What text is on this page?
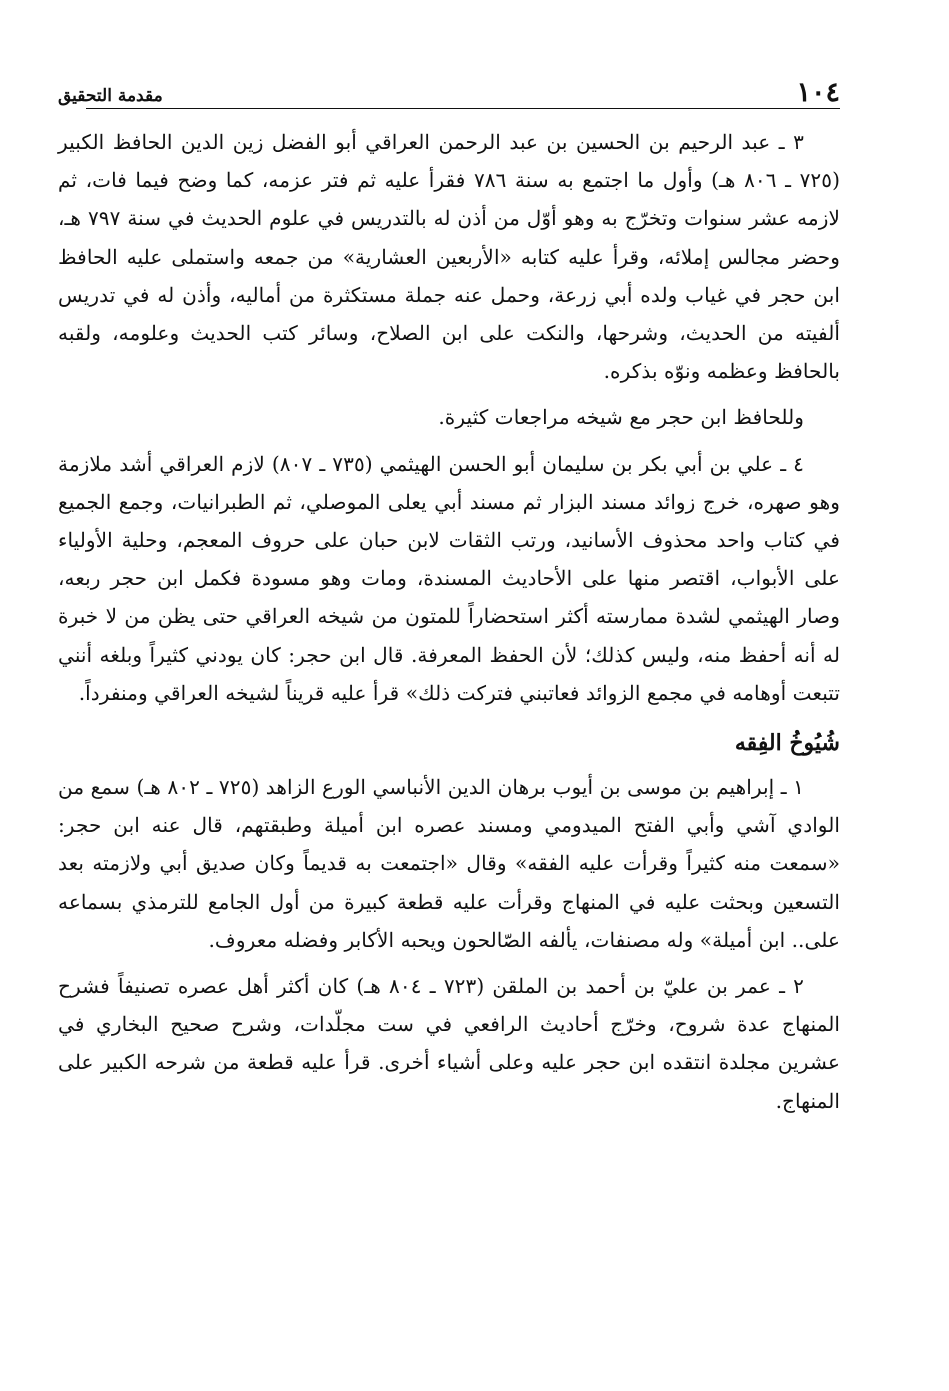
١٠٤
مقدمة التحقيق

٣ ـ عبد الرحيم بن الحسين بن عبد الرحمن العراقي أبو الفضل زين الدين الحافظ الكبير (٧٢٥ ـ ٨٠٦ هـ) وأول ما اجتمع به سنة ٧٨٦ فقرأ عليه ثم فتر عزمه، كما وضح فيما فات، ثم لازمه عشر سنوات وتخرّج به وهو أوّل من أذن له بالتدريس في علوم الحديث في سنة ٧٩٧ هـ، وحضر مجالس إملائه، وقرأ عليه كتابه «الأربعين العشارية» من جمعه واستملى عليه الحافظ ابن حجر في غياب ولده أبي زرعة، وحمل عنه جملة مستكثرة من أماليه، وأذن له في تدريس ألفيته من الحديث، وشرحها، والنكت على ابن الصلاح، وسائر كتب الحديث وعلومه، ولقبه بالحافظ وعظمه ونوّه بذكره.

وللحافظ ابن حجر مع شيخه مراجعات كثيرة.

٤ ـ علي بن أبي بكر بن سليمان أبو الحسن الهيثمي (٧٣٥ ـ ٨٠٧) لازم العراقي أشد ملازمة وهو صهره، خرج زوائد مسند البزار ثم مسند أبي يعلى الموصلي، ثم الطبرانيات، وجمع الجميع في كتاب واحد محذوف الأسانيد، ورتب الثقات لابن حبان على حروف المعجم، وحلية الأولياء على الأبواب، اقتصر منها على الأحاديث المسندة، ومات وهو مسودة فكمل ابن حجر ربعه، وصار الهيثمي لشدة ممارسته أكثر استحضاراً للمتون من شيخه العراقي حتى يظن من لا خبرة له أنه أحفظ منه، وليس كذلك؛ لأن الحفظ المعرفة. قال ابن حجر: كان يودني كثيراً وبلغه أنني تتبعت أوهامه في مجمع الزوائد فعاتبني فتركت ذلك» قرأ عليه قريناً لشيخه العراقي ومنفرداً.

شُيُوخُ الفِقه

١ ـ إبراهيم بن موسى بن أيوب برهان الدين الأنباسي الورع الزاهد (٧٢٥ ـ ٨٠٢ هـ) سمع من الوادي آشي وأبي الفتح الميدومي ومسند عصره ابن أميلة وطبقتهم، قال عنه ابن حجر: «سمعت منه كثيراً وقرأت عليه الفقه» وقال «اجتمعت به قديماً وكان صديق أبي ولازمته بعد التسعين وبحثت عليه في المنهاج وقرأت عليه قطعة كبيرة من أول الجامع للترمذي بسماعه على.. ابن أميلة» وله مصنفات، يألفه الصّالحون ويحبه الأكابر وفضله معروف.

٢ ـ عمر بن عليّ بن أحمد بن الملقن (٧٢٣ ـ ٨٠٤ هـ) كان أكثر أهل عصره تصنيفاً فشرح المنهاج عدة شروح، وخرّج أحاديث الرافعي في ست مجلّدات، وشرح صحيح البخاري في عشرين مجلدة انتقده ابن حجر عليه وعلى أشياء أخرى. قرأ عليه قطعة من شرحه الكبير على المنهاج.
